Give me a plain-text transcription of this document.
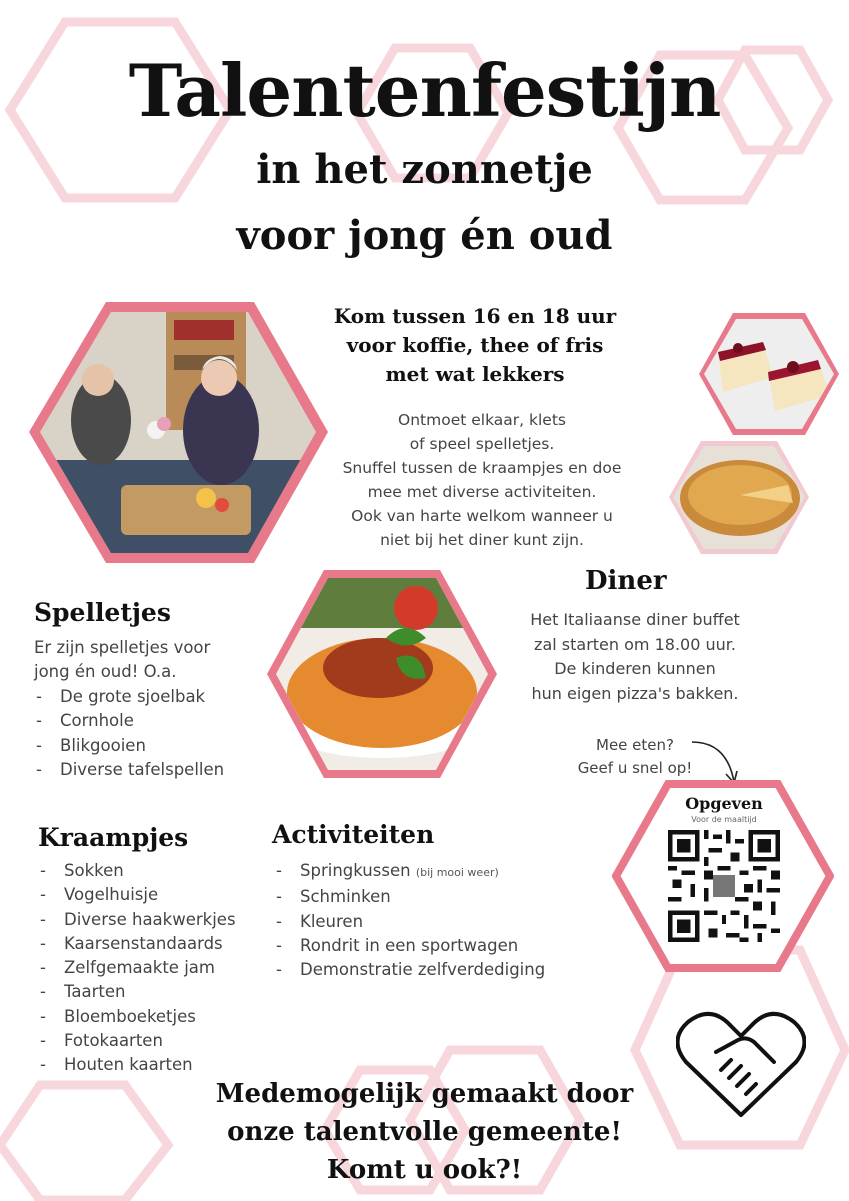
Talentenfestijn
in het zonnetje
voor jong én oud
Kom tussen 16 en 18 uur
voor koffie, thee of fris
met wat lekkers
Ontmoet elkaar, klets
of speel spelletjes.
Snuffel tussen de kraampjes en doe
mee met diverse activiteiten.
Ook van harte welkom wanneer u
niet bij het diner kunt zijn.
Spelletjes
Er zijn spelletjes voor
jong én oud! O.a.
- De grote sjoelbak
- Cornhole
- Blikgooien
- Diverse tafelspellen
Diner
Het Italiaanse diner buffet
zal starten om 18.00 uur.
De kinderen kunnen
hun eigen pizza's bakken.
Mee eten?
Geef u snel op!
Opgeven
Voor de maaltijd
Kraampjes
- Sokken
- Vogelhuisje
- Diverse haakwerkjes
- Kaarsenstandaards
- Zelfgemaakte jam
- Taarten
- Bloemboeketjes
- Fotokaarten
- Houten kaarten
Activiteiten
- Springkussen (bij mooi weer)
- Schminken
- Kleuren
- Rondrit in een sportwagen
- Demonstratie zelfverdediging
Medemogelijk gemaakt door
onze talentvolle gemeente!
Komt u ook?!
